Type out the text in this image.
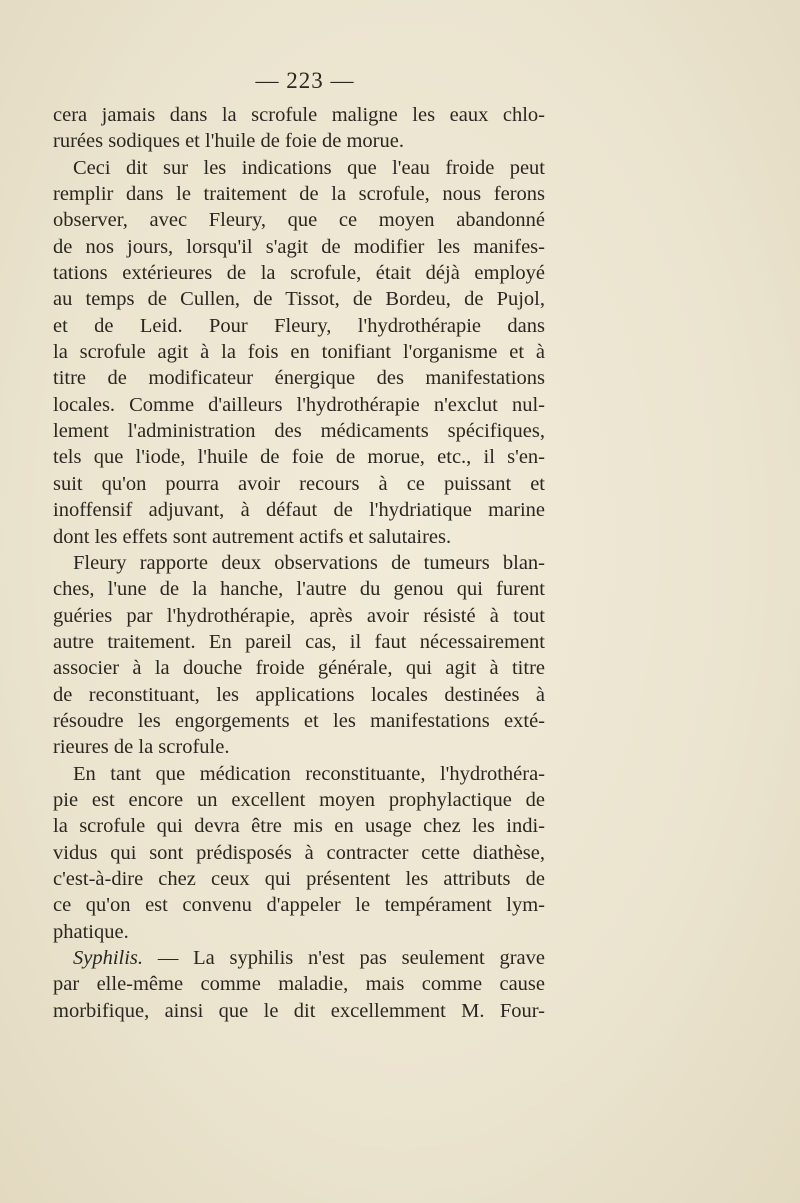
— 223 —
cera jamais dans la scrofule maligne les eaux chlo-
rurées sodiques et l'huile de foie de morue.
Ceci dit sur les indications que l'eau froide peut
remplir dans le traitement de la scrofule, nous ferons
observer, avec Fleury, que ce moyen abandonné
de nos jours, lorsqu'il s'agit de modifier les manifes-
tations extérieures de la scrofule, était déjà employé
au temps de Cullen, de Tissot, de Bordeu, de Pujol,
et de Leid. Pour Fleury, l'hydrothérapie dans
la scrofule agit à la fois en tonifiant l'organisme et à
titre de modificateur énergique des manifestations
locales. Comme d'ailleurs l'hydrothérapie n'exclut nul-
lement l'administration des médicaments spécifiques,
tels que l'iode, l'huile de foie de morue, etc., il s'en-
suit qu'on pourra avoir recours à ce puissant et
inoffensif adjuvant, à défaut de l'hydriatique marine
dont les effets sont autrement actifs et salutaires.
Fleury rapporte deux observations de tumeurs blan-
ches, l'une de la hanche, l'autre du genou qui furent
guéries par l'hydrothérapie, après avoir résisté à tout
autre traitement. En pareil cas, il faut nécessairement
associer à la douche froide générale, qui agit à titre
de reconstituant, les applications locales destinées à
résoudre les engorgements et les manifestations exté-
rieures de la scrofule.
En tant que médication reconstituante, l'hydrothéra-
pie est encore un excellent moyen prophylactique de
la scrofule qui devra être mis en usage chez les indi-
vidus qui sont prédisposés à contracter cette diathèse,
c'est-à-dire chez ceux qui présentent les attributs de
ce qu'on est convenu d'appeler le tempérament lym-
phatique.
Syphilis. — La syphilis n'est pas seulement grave
par elle-même comme maladie, mais comme cause
morbifique, ainsi que le dit excellemment M. Four-
